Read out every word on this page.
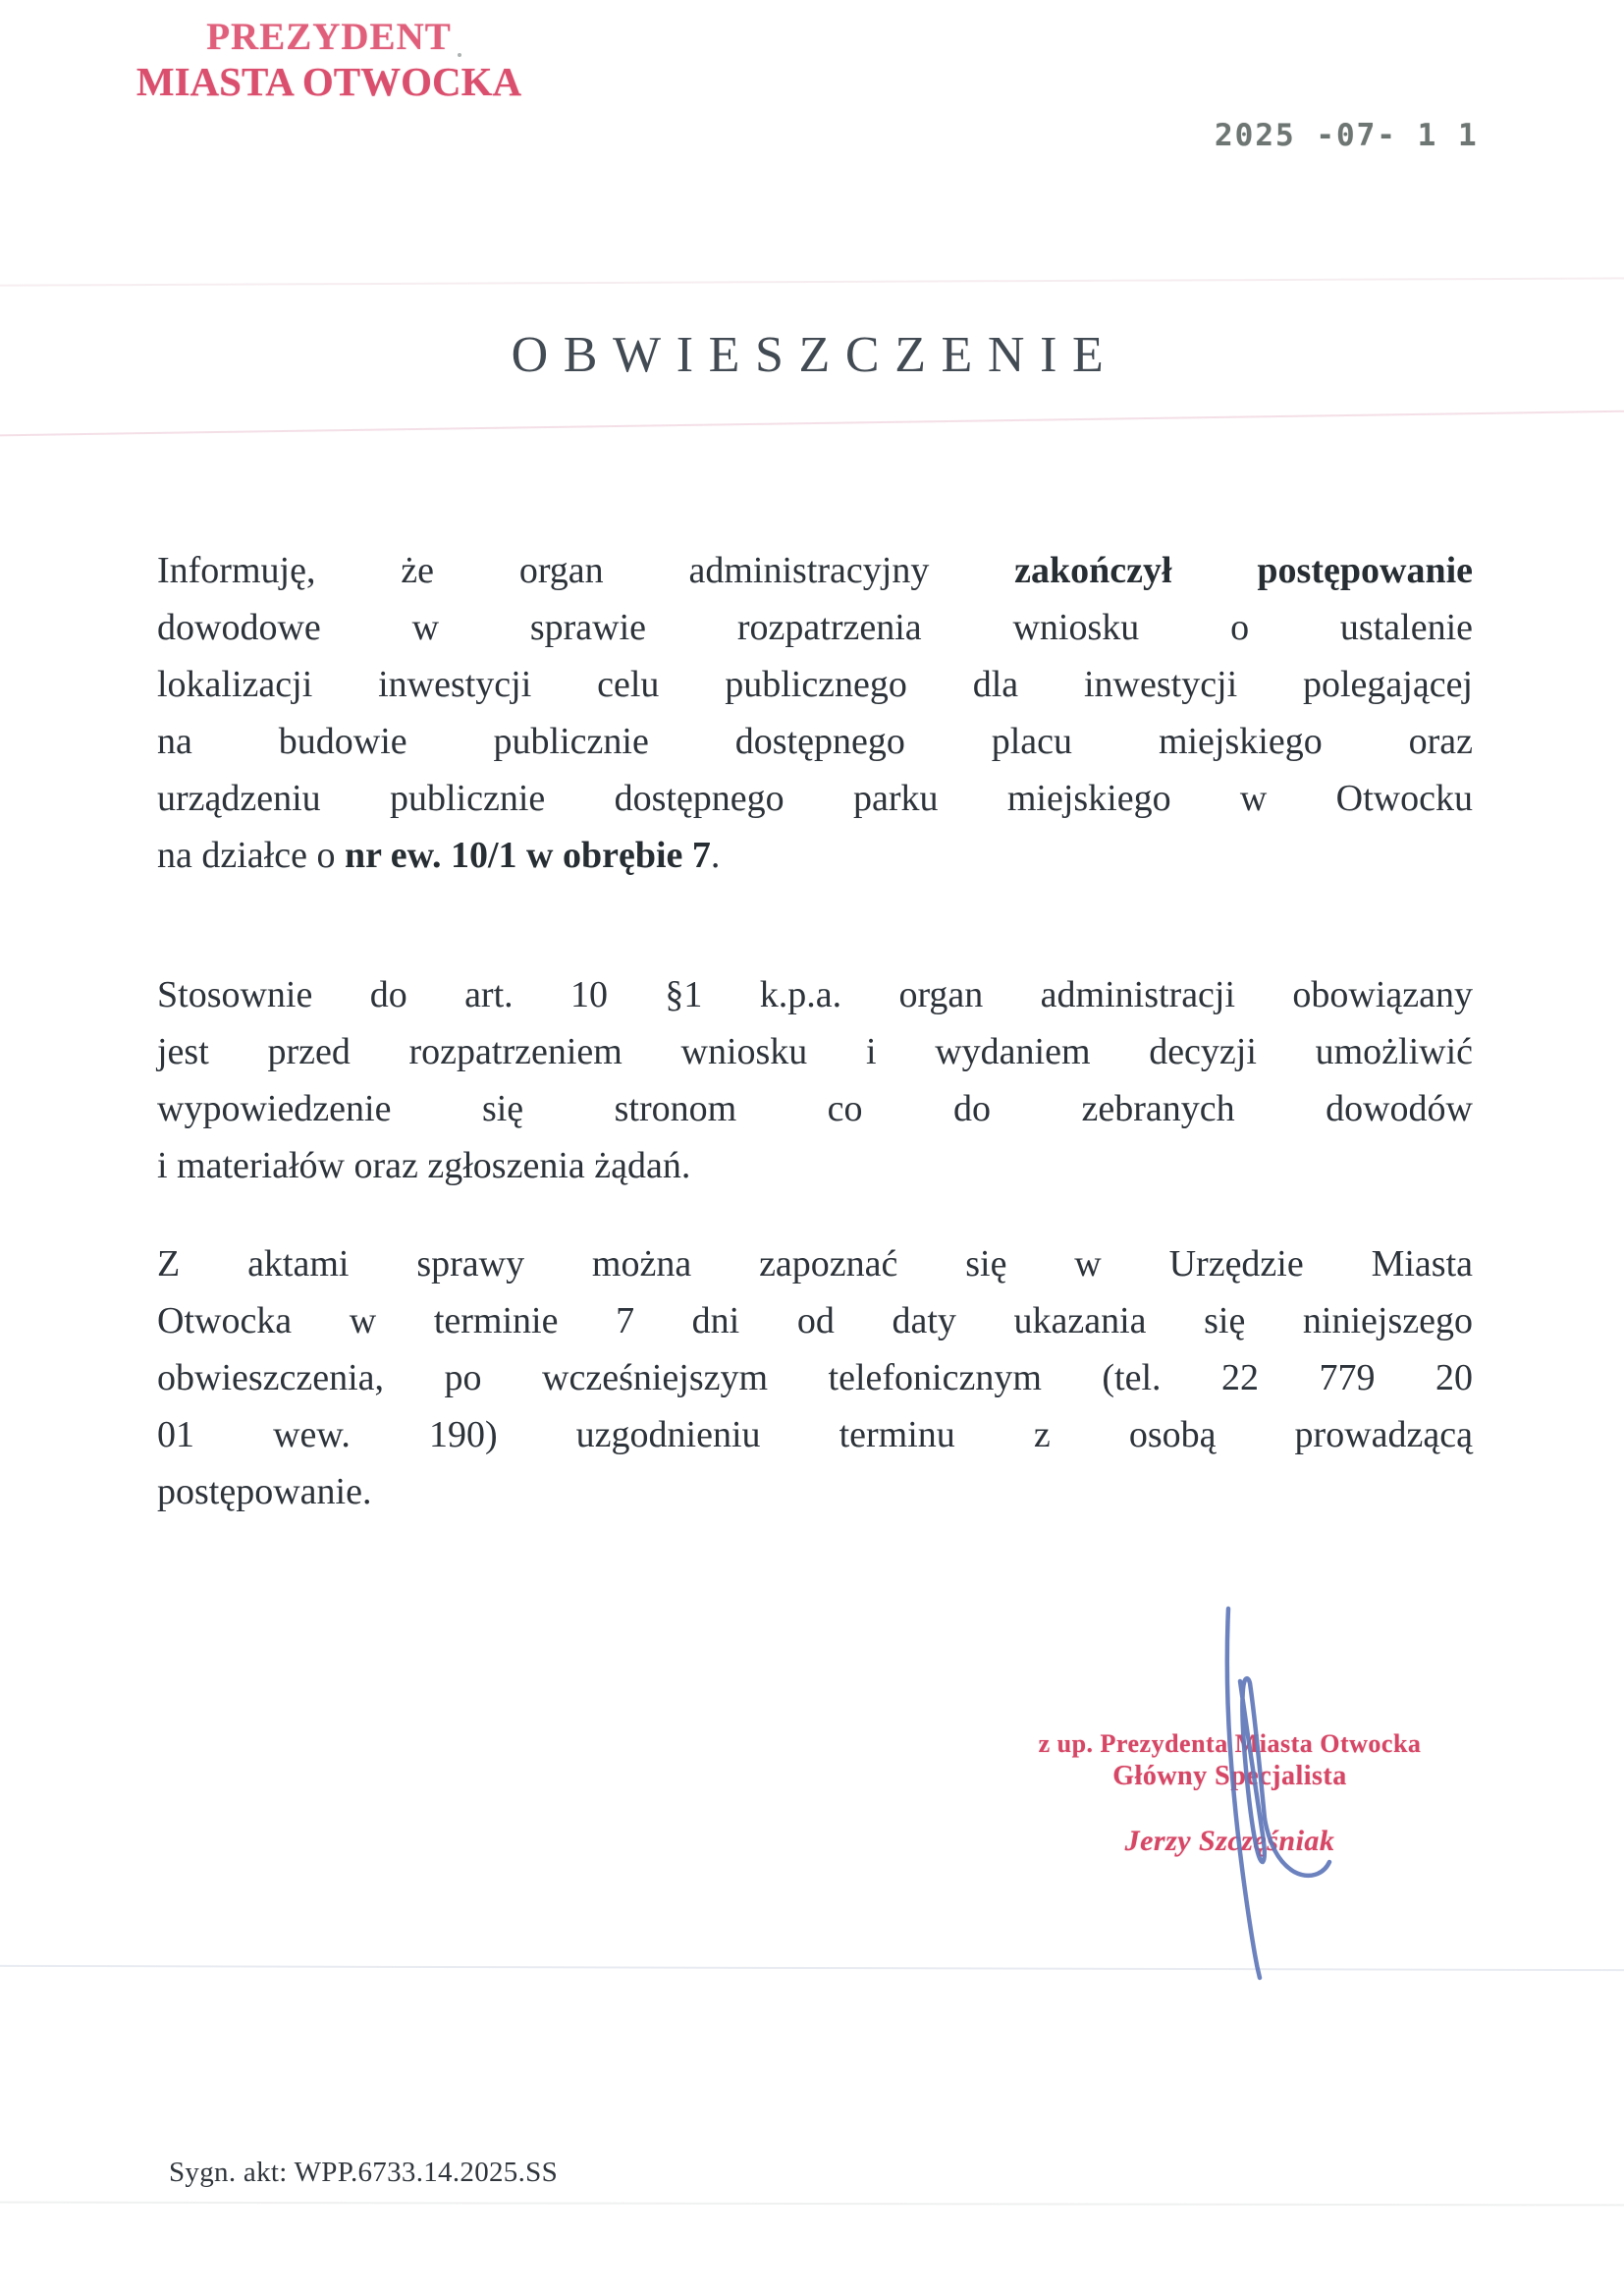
PREZYDENT
MIASTA OTWOCKA
2025 -07- 1 1
OBWIESZCZENIE
Informuję, że organ administracyjny zakończył postępowanie
dowodowe w sprawie rozpatrzenia wniosku o ustalenie
lokalizacji inwestycji celu publicznego dla inwestycji polegającej
na budowie publicznie dostępnego placu miejskiego oraz
urządzeniu publicznie dostępnego parku miejskiego w Otwocku
na działce o nr ew. 10/1 w obrębie 7.
Stosownie do art. 10 §1 k.p.a. organ administracji obowiązany
jest przed rozpatrzeniem wniosku i wydaniem decyzji umożliwić
wypowiedzenie się stronom co do zebranych dowodów
i materiałów oraz zgłoszenia żądań.
Z aktami sprawy można zapoznać się w Urzędzie Miasta
Otwocka w terminie 7 dni od daty ukazania się niniejszego
obwieszczenia, po wcześniejszym telefonicznym (tel. 22 779 20
01 wew. 190) uzgodnieniu terminu z osobą prowadzącą
postępowanie.
z up. Prezydenta Miasta Otwocka
Główny Specjalista
Jerzy Szczęśniak
Sygn. akt: WPP.6733.14.2025.SS
